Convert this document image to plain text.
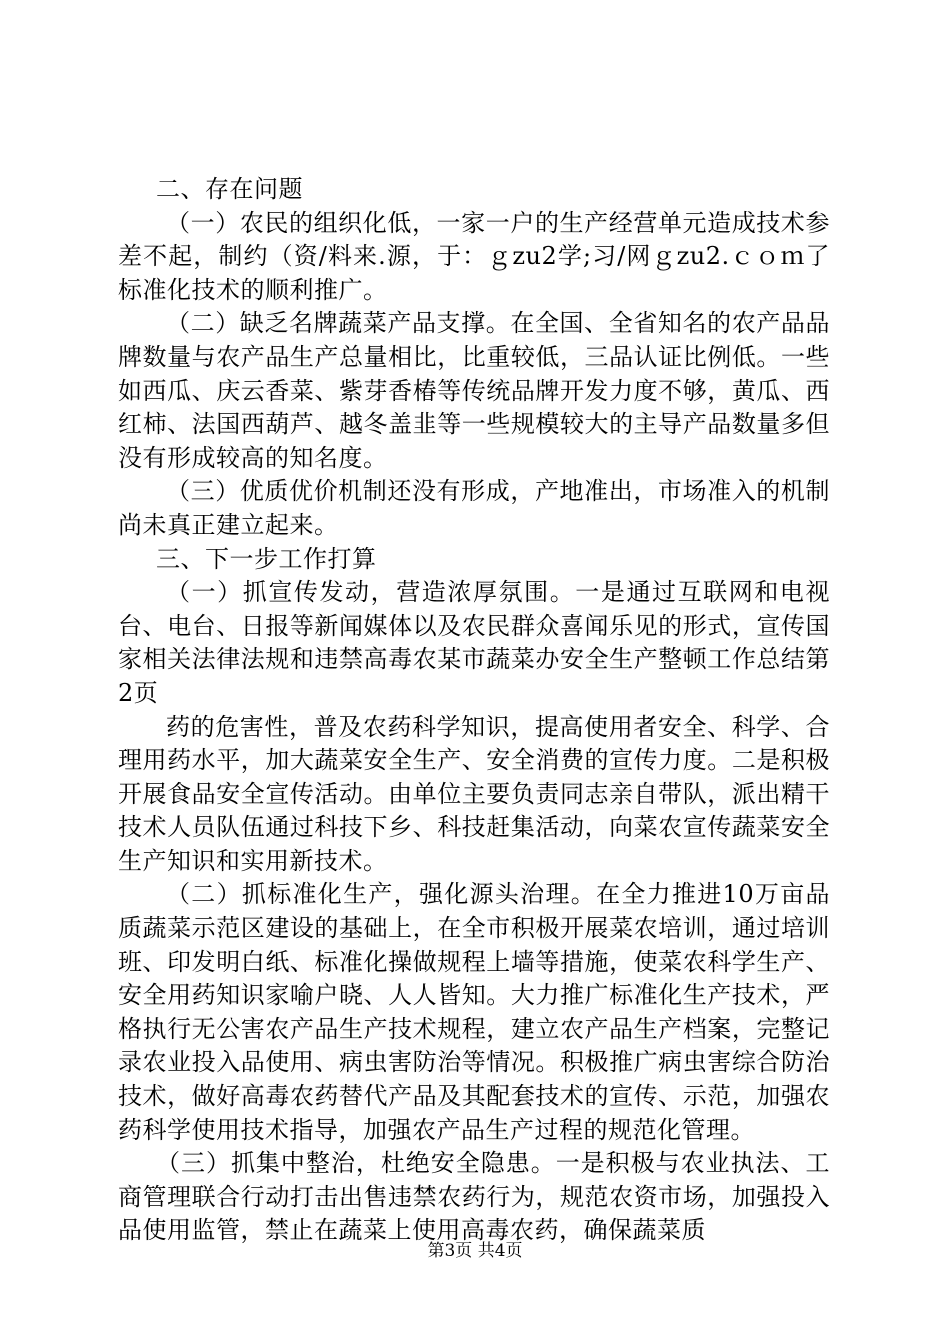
二、存在问题

（一）农民的组织化低，一家一户的生产经营单元造成技术参差不起，制约（资/料来.源，于：ｇzu2学;习/网ｇzu2.ｃｏｍ了标准化技术的顺利推广。

（二）缺乏名牌蔬菜产品支撑。在全国、全省知名的农产品品牌数量与农产品生产总量相比，比重较低，三品认证比例低。一些如西瓜、庆云香菜、紫芽香椿等传统品牌开发力度不够，黄瓜、西红柿、法国西葫芦、越冬盖韭等一些规模较大的主导产品数量多但没有形成较高的知名度。

（三）优质优价机制还没有形成，产地准出，市场准入的机制尚未真正建立起来。

三、下一步工作打算

（一）抓宣传发动，营造浓厚氛围。一是通过互联网和电视台、电台、日报等新闻媒体以及农民群众喜闻乐见的形式，宣传国家相关法律法规和违禁高毒农某市蔬菜办安全生产整顿工作总结第2页

药的危害性，普及农药科学知识，提高使用者安全、科学、合理用药水平，加大蔬菜安全生产、安全消费的宣传力度。二是积极开展食品安全宣传活动。由单位主要负责同志亲自带队，派出精干技术人员队伍通过科技下乡、科技赶集活动，向菜农宣传蔬菜安全生产知识和实用新技术。

（二）抓标准化生产，强化源头治理。在全力推进10万亩品质蔬菜示范区建设的基础上，在全市积极开展菜农培训，通过培训班、印发明白纸、标准化操做规程上墙等措施，使菜农科学生产、安全用药知识家喻户晓、人人皆知。大力推广标准化生产技术，严格执行无公害农产品生产技术规程，建立农产品生产档案，完整记录农业投入品使用、病虫害防治等情况。积极推广病虫害综合防治技术，做好高毒农药替代产品及其配套技术的宣传、示范，加强农药科学使用技术指导，加强农产品生产过程的规范化管理。

（三）抓集中整治，杜绝安全隐患。一是积极与农业执法、工商管理联合行动打击出售违禁农药行为，规范农资市场，加强投入品使用监管，禁止在蔬菜上使用高毒农药，确保蔬菜质

第3页 共4页
